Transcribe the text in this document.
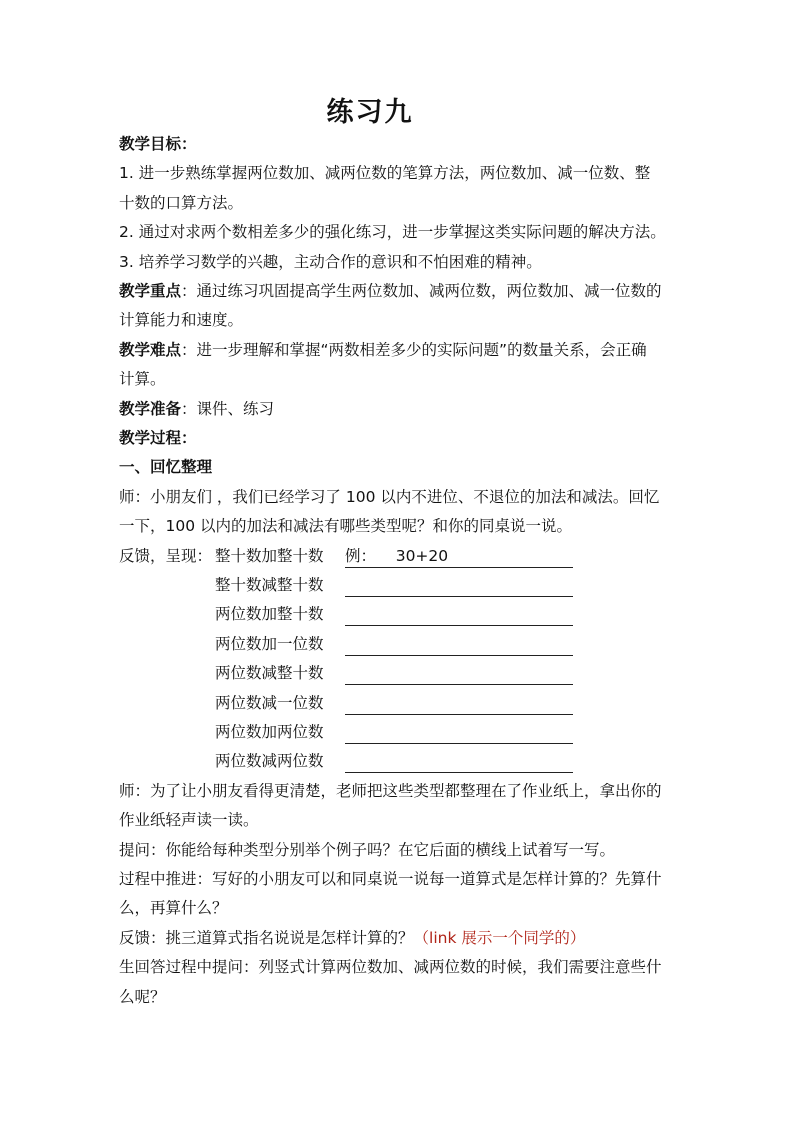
练习九

教学目标：

1. 进一步熟练掌握两位数加、减两位数的笔算方法，两位数加、减一位数、整

十数的口算方法。

2. 通过对求两个数相差多少的强化练习，进一步掌握这类实际问题的解决方法。

3. 培养学习数学的兴趣，主动合作的意识和不怕困难的精神。

教学重点：通过练习巩固提高学生两位数加、减两位数，两位数加、减一位数的

计算能力和速度。

教学难点：进一步理解和掌握“两数相差多少的实际问题”的数量关系，会正确

计算。

教学准备：课件、练习

教学过程：

一、回忆整理

师：小朋友们 ，我们已经学习了 100 以内不进位、不退位的加法和减法。回忆

一下，100 以内的加法和减法有哪些类型呢？和你的同桌说一说。

反馈，呈现： 整十数加整十数 例：    30+20
整十数减整十数
两位数加整十数
两位数加一位数
两位数减整十数
两位数减一位数
两位数加两位数
两位数减两位数

师：为了让小朋友看得更清楚，老师把这些类型都整理在了作业纸上，拿出你的

作业纸轻声读一读。

提问：你能给每种类型分别举个例子吗？在它后面的横线上试着写一写。

过程中推进：写好的小朋友可以和同桌说一说每一道算式是怎样计算的？先算什

么，再算什么？

反馈：挑三道算式指名说说是怎样计算的？（link 展示一个同学的）

生回答过程中提问：列竖式计算两位数加、减两位数的时候，我们需要注意些什

么呢？
